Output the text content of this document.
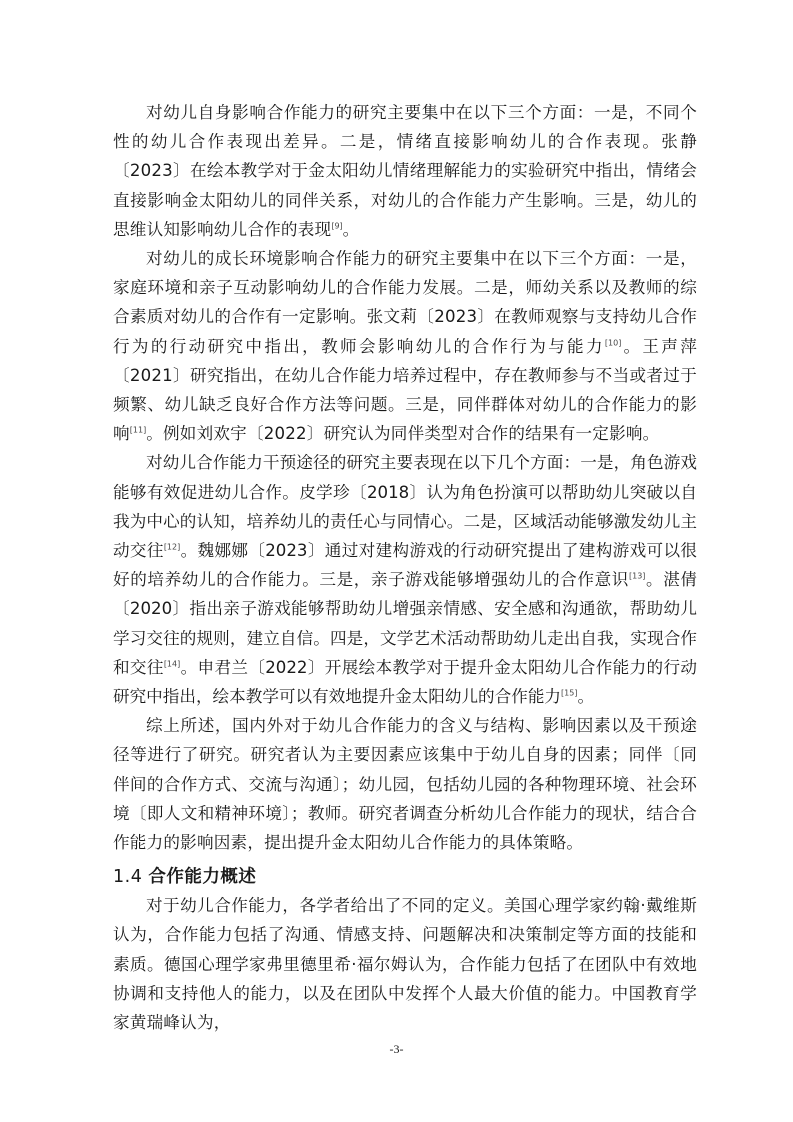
对幼儿自身影响合作能力的研究主要集中在以下三个方面：一是，不同个性的幼儿合作表现出差异。二是，情绪直接影响幼儿的合作表现。张静〔2023〕在绘本教学对于金太阳幼儿情绪理解能力的实验研究中指出，情绪会直接影响金太阳幼儿的同伴关系，对幼儿的合作能力产生影响。三是，幼儿的思维认知影响幼儿合作的表现[9]。

对幼儿的成长环境影响合作能力的研究主要集中在以下三个方面：一是，家庭环境和亲子互动影响幼儿的合作能力发展。二是，师幼关系以及教师的综合素质对幼儿的合作有一定影响。张文莉〔2023〕在教师观察与支持幼儿合作行为的行动研究中指出，教师会影响幼儿的合作行为与能力[10]。王声萍〔2021〕研究指出，在幼儿合作能力培养过程中，存在教师参与不当或者过于频繁、幼儿缺乏良好合作方法等问题。三是，同伴群体对幼儿的合作能力的影响[11]。例如刘欢宇〔2022〕研究认为同伴类型对合作的结果有一定影响。

对幼儿合作能力干预途径的研究主要表现在以下几个方面：一是，角色游戏能够有效促进幼儿合作。皮学珍〔2018〕认为角色扮演可以帮助幼儿突破以自我为中心的认知，培养幼儿的责任心与同情心。二是，区域活动能够激发幼儿主动交往[12]。魏娜娜〔2023〕通过对建构游戏的行动研究提出了建构游戏可以很好的培养幼儿的合作能力。三是，亲子游戏能够增强幼儿的合作意识[13]。湛倩〔2020〕指出亲子游戏能够帮助幼儿增强亲情感、安全感和沟通欲，帮助幼儿学习交往的规则，建立自信。四是，文学艺术活动帮助幼儿走出自我，实现合作和交往[14]。申君兰〔2022〕开展绘本教学对于提升金太阳幼儿合作能力的行动研究中指出，绘本教学可以有效地提升金太阳幼儿的合作能力[15]。

综上所述，国内外对于幼儿合作能力的含义与结构、影响因素以及干预途径等进行了研究。研究者认为主要因素应该集中于幼儿自身的因素；同伴〔同伴间的合作方式、交流与沟通〕；幼儿园，包括幼儿园的各种物理环境、社会环境〔即人文和精神环境〕；教师。研究者调查分析幼儿合作能力的现状，结合合作能力的影响因素，提出提升金太阳幼儿合作能力的具体策略。

1.4 合作能力概述

对于幼儿合作能力，各学者给出了不同的定义。美国心理学家约翰·戴维斯认为，合作能力包括了沟通、情感支持、问题解决和决策制定等方面的技能和素质。德国心理学家弗里德里希·福尔姆认为，合作能力包括了在团队中有效地协调和支持他人的能力，以及在团队中发挥个人最大价值的能力。中国教育学家黄瑞峰认为，

-3-
